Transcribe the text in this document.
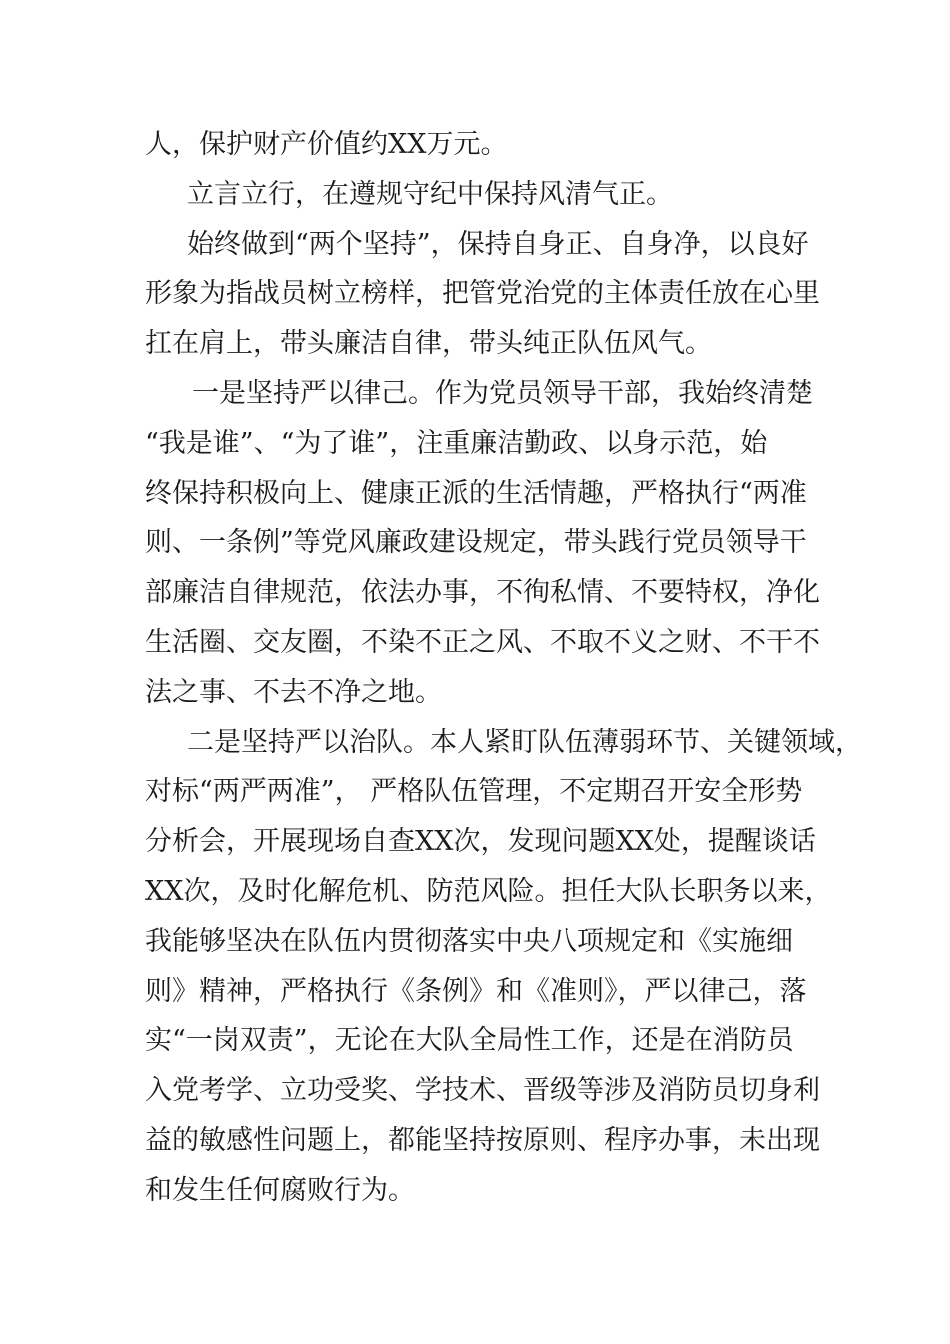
人，保护财产价值约XX万元。
立言立行，在遵规守纪中保持风清气正。
始终做到“两个坚持”，保持自身正、自身净，以良好
形象为指战员树立榜样，把管党治党的主体责任放在心里
扛在肩上，带头廉洁自律，带头纯正队伍风气。
一是坚持严以律己。作为党员领导干部，我始终清楚
“我是谁”、“为了谁”，注重廉洁勤政、以身示范，始
终保持积极向上、健康正派的生活情趣，严格执行“两准
则、一条例”等党风廉政建设规定，带头践行党员领导干
部廉洁自律规范，依法办事，不徇私情、不要特权，净化
生活圈、交友圈，不染不正之风、不取不义之财、不干不
法之事、不去不净之地。
二是坚持严以治队。本人紧盯队伍薄弱环节、关键领域，
对标“两严两准”， 严格队伍管理，不定期召开安全形势
分析会，开展现场自查XX次，发现问题XX处，提醒谈话
XX次，及时化解危机、防范风险。担任大队长职务以来，
我能够坚决在队伍内贯彻落实中央八项规定和《实施细
则》精神，严格执行《条例》和《准则》，严以律己，落
实“一岗双责”，无论在大队全局性工作，还是在消防员
入党考学、立功受奖、学技术、晋级等涉及消防员切身利
益的敏感性问题上，都能坚持按原则、程序办事，未出现
和发生任何腐败行为。
